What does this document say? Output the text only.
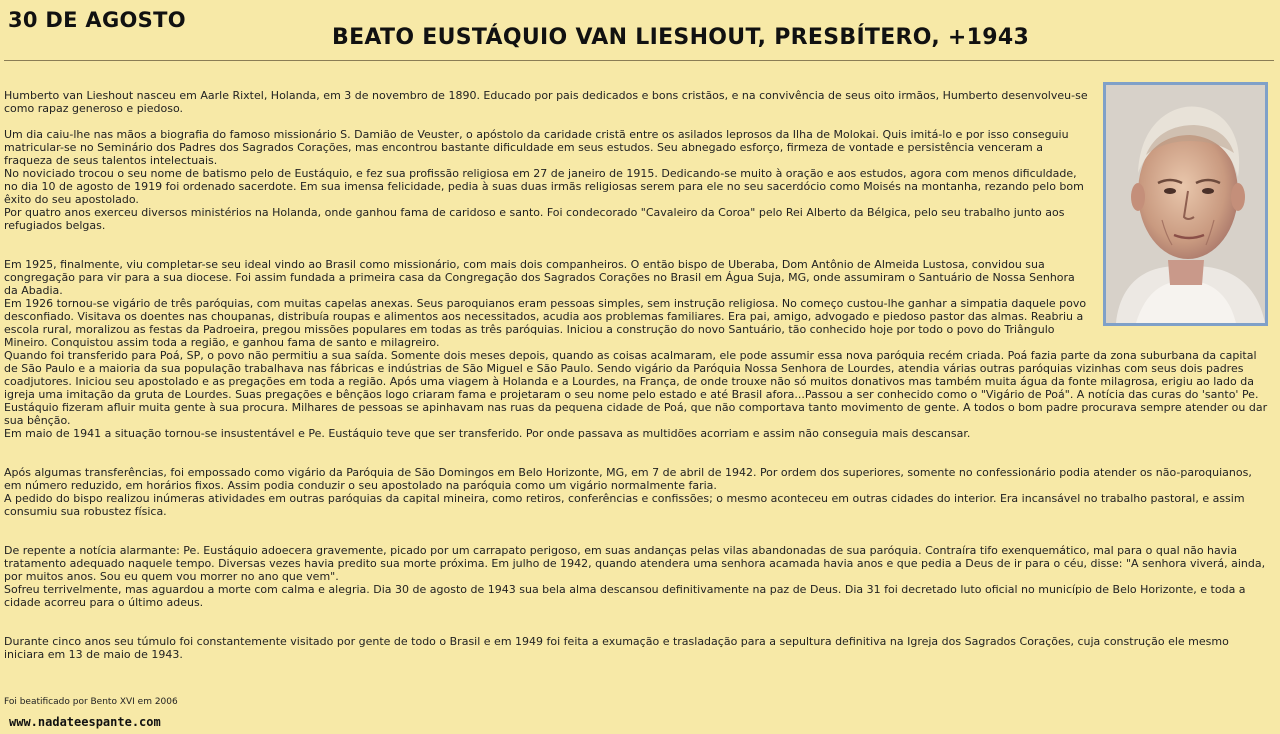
30 DE AGOSTO
BEATO EUSTÁQUIO VAN LIESHOUT, PRESBÍTERO, +1943

Humberto van Lieshout nasceu em Aarle Rixtel, Holanda, em 3 de novembro de 1890. Educado por pais dedicados e bons cristãos, e na convivência de seus oito irmãos, Humberto desenvolveu-se como rapaz generoso e piedoso.

Um dia caiu-lhe nas mãos a biografia do famoso missionário S. Damião de Veuster, o apóstolo da caridade cristã entre os asilados leprosos da Ilha de Molokai. Quis imitá-lo e por isso conseguiu matricular-se no Seminário dos Padres dos Sagrados Corações, mas encontrou bastante dificuldade em seus estudos. Seu abnegado esforço, firmeza de vontade e persistência venceram a fraqueza de seus talentos intelectuais.

No noviciado trocou o seu nome de batismo pelo de Eustáquio, e fez sua profissão religiosa em 27 de janeiro de 1915. Dedicando-se muito à oração e aos estudos, agora com menos dificuldade, no dia 10 de agosto de 1919 foi ordenado sacerdote. Em sua imensa felicidade, pedia à suas duas irmãs religiosas serem para ele no seu sacerdócio como Moisés na montanha, rezando pelo bom êxito do seu apostolado.

Por quatro anos exerceu diversos ministérios na Holanda, onde ganhou fama de caridoso e santo. Foi condecorado "Cavaleiro da Coroa" pelo Rei Alberto da Bélgica, pelo seu trabalho junto aos refugiados belgas.

Em 1925, finalmente, viu completar-se seu ideal vindo ao Brasil como missionário, com mais dois companheiros. O então bispo de Uberaba, Dom Antônio de Almeida Lustosa, convidou sua congregação para vir para a sua diocese. Foi assim fundada a primeira casa da Congregação dos Sagrados Corações no Brasil em Água Suja, MG, onde assumiram o Santuário de Nossa Senhora da Abadia.

Em 1926 tornou-se vigário de três paróquias, com muitas capelas anexas. Seus paroquianos eram pessoas simples, sem instrução religiosa. No começo custou-lhe ganhar a simpatia daquele povo desconfiado. Visitava os doentes nas choupanas, distribuía roupas e alimentos aos necessitados, acudia aos problemas familiares. Era pai, amigo, advogado e piedoso pastor das almas. Reabriu a escola rural, moralizou as festas da Padroeira, pregou missões populares em todas as três paróquias. Iniciou a construção do novo Santuário, tão conhecido hoje por todo o povo do Triângulo Mineiro. Conquistou assim toda a região, e ganhou fama de santo e milagreiro.

Quando foi transferido para Poá, SP, o povo não permitiu a sua saída. Somente dois meses depois, quando as coisas acalmaram, ele pode assumir essa nova paróquia recém criada. Poá fazia parte da zona suburbana da capital de São Paulo e a maioria da sua população trabalhava nas fábricas e indústrias de São Miguel e São Paulo. Sendo vigário da Paróquia Nossa Senhora de Lourdes, atendia várias outras paróquias vizinhas com seus dois padres coadjutores. Iniciou seu apostolado e as pregações em toda a região. Após uma viagem à Holanda e a Lourdes, na França, de onde trouxe não só muitos donativos mas também muita água da fonte milagrosa, erigiu ao lado da igreja uma imitação da gruta de Lourdes. Suas pregações e bênçãos logo criaram fama e projetaram o seu nome pelo estado e até Brasil afora...Passou a ser conhecido como o "Vigário de Poá". A notícia das curas do 'santo' Pe. Eustáquio fizeram afluir muita gente à sua procura. Milhares de pessoas se apinhavam nas ruas da pequena cidade de Poá, que não comportava tanto movimento de gente. A todos o bom padre procurava sempre atender ou dar sua bênção.

Em maio de 1941 a situação tornou-se insustentável e Pe. Eustáquio teve que ser transferido. Por onde passava as multidões acorriam e assim não conseguia mais descansar.

Após algumas transferências, foi empossado como vigário da Paróquia de São Domingos em Belo Horizonte, MG, em 7 de abril de 1942. Por ordem dos superiores, somente no confessionário podia atender os não-paroquianos, em número reduzido, em horários fixos. Assim podia conduzir o seu apostolado na paróquia como um vigário normalmente faria.

A pedido do bispo realizou inúmeras atividades em outras paróquias da capital mineira, como retiros, conferências e confissões; o mesmo aconteceu em outras cidades do interior. Era incansável no trabalho pastoral, e assim consumiu sua robustez física.

De repente a notícia alarmante: Pe. Eustáquio adoecera gravemente, picado por um carrapato perigoso, em suas andanças pelas vilas abandonadas de sua paróquia. Contraíra tifo exenquemático, mal para o qual não havia tratamento adequado naquele tempo. Diversas vezes havia predito sua morte próxima. Em julho de 1942, quando atendera uma senhora acamada havia anos e que pedia a Deus de ir para o céu, disse: "A senhora viverá, ainda, por muitos anos. Sou eu quem vou morrer no ano que vem".

Sofreu terrivelmente, mas aguardou a morte com calma e alegria. Dia 30 de agosto de 1943 sua bela alma descansou definitivamente na paz de Deus. Dia 31 foi decretado luto oficial no município de Belo Horizonte, e toda a cidade acorreu para o último adeus.

Durante cinco anos seu túmulo foi constantemente visitado por gente de todo o Brasil e em 1949 foi feita a exumação e trasladação para a sepultura definitiva na Igreja dos Sagrados Corações, cuja construção ele mesmo iniciara em 13 de maio de 1943.

Foi beatificado por Bento XVI em 2006
www.nadateespante.com
